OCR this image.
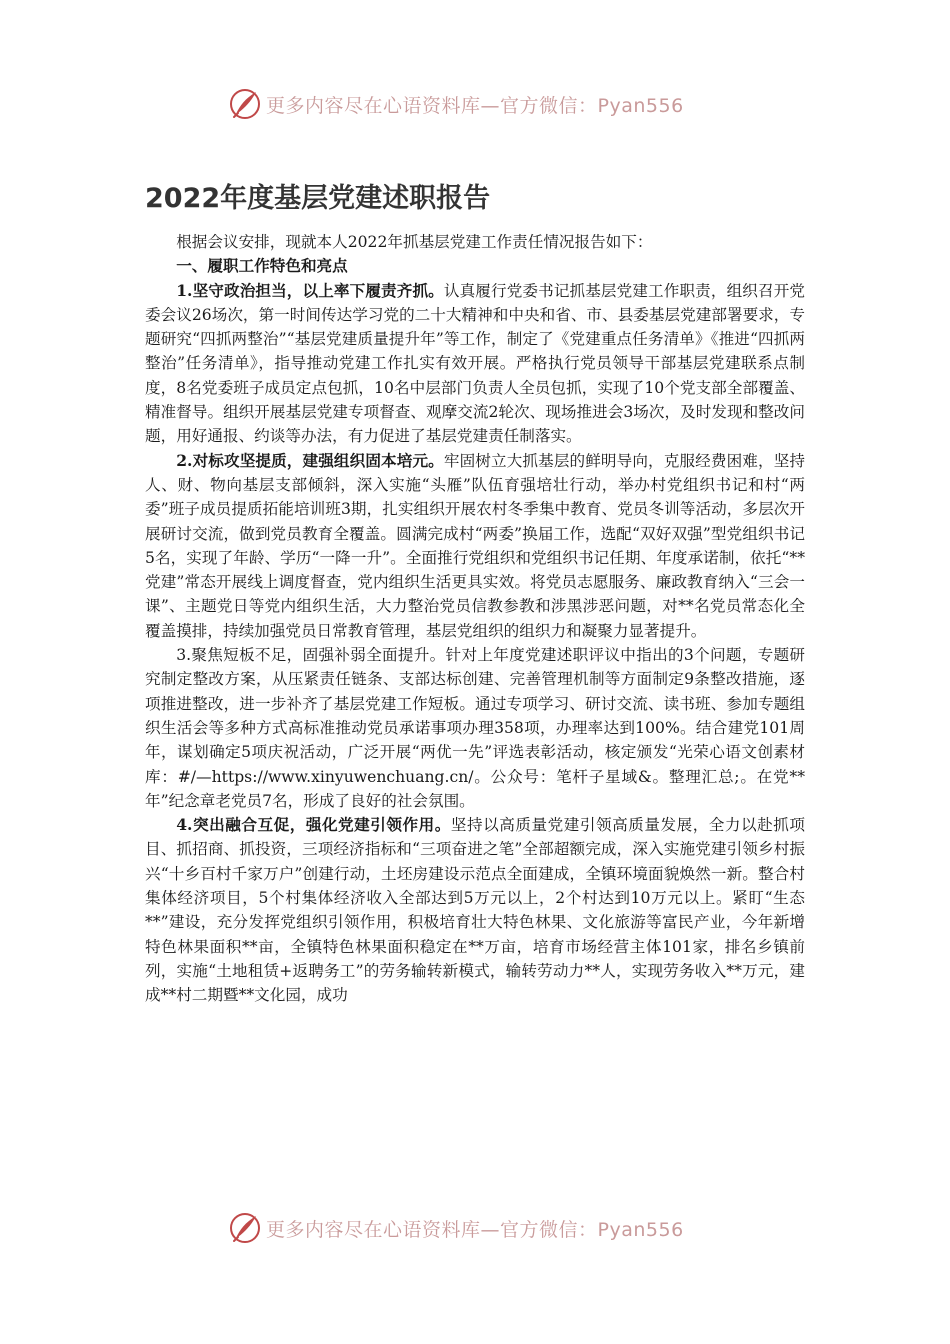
更多内容尽在心语资料库—官方微信：Pyan556
2022年度基层党建述职报告

根据会议安排，现就本人2022年抓基层党建工作责任情况报告如下：

一、履职工作特色和亮点

1.坚守政治担当，以上率下履责齐抓。认真履行党委书记抓基层党建工作职责，组织召开党委会议26场次，第一时间传达学习党的二十大精神和中央和省、市、县委基层党建部署要求，专题研究“四抓两整治”“基层党建质量提升年”等工作，制定了《党建重点任务清单》《推进“四抓两整治”任务清单》，指导推动党建工作扎实有效开展。严格执行党员领导干部基层党建联系点制度，8名党委班子成员定点包抓，10名中层部门负责人全员包抓，实现了10个党支部全部覆盖、精准督导。组织开展基层党建专项督查、观摩交流2轮次、现场推进会3场次，及时发现和整改问题，用好通报、约谈等办法，有力促进了基层党建责任制落实。

2.对标攻坚提质，建强组织固本培元。牢固树立大抓基层的鲜明导向，克服经费困难，坚持人、财、物向基层支部倾斜，深入实施“头雁”队伍育强培壮行动，举办村党组织书记和村“两委”班子成员提质拓能培训班3期，扎实组织开展农村冬季集中教育、党员冬训等活动，多层次开展研讨交流，做到党员教育全覆盖。圆满完成村“两委”换届工作，选配“双好双强”型党组织书记5名，实现了年龄、学历“一降一升”。全面推行党组织和党组织书记任期、年度承诺制，依托“**党建”常态开展线上调度督查，党内组织生活更具实效。将党员志愿服务、廉政教育纳入“三会一课”、主题党日等党内组织生活，大力整治党员信教参教和涉黑涉恶问题，对**名党员常态化全覆盖摸排，持续加强党员日常教育管理，基层党组织的组织力和凝聚力显著提升。

3.聚焦短板不足，固强补弱全面提升。针对上年度党建述职评议中指出的3个问题，专题研究制定整改方案，从压紧责任链条、支部达标创建、完善管理机制等方面制定9条整改措施，逐项推进整改，进一步补齐了基层党建工作短板。通过专项学习、研讨交流、读书班、参加专题组织生活会等多种方式高标准推动党员承诺事项办理358项，办理率达到100%。结合建党101周年，谋划确定5项庆祝活动，广泛开展“两优一先”评选表彰活动，核定颁发“光荣心语文创素材库：#/—https://www.xinyuwenchuang.cn/。公众号：笔杆子星域&。整理汇总;。在党**年”纪念章老党员7名，形成了良好的社会氛围。

4.突出融合互促，强化党建引领作用。坚持以高质量党建引领高质量发展，全力以赴抓项目、抓招商、抓投资，三项经济指标和“三项奋进之笔”全部超额完成，深入实施党建引领乡村振兴“十乡百村千家万户”创建行动，土坯房建设示范点全面建成，全镇环境面貌焕然一新。整合村集体经济项目，5个村集体经济收入全部达到5万元以上，2个村达到10万元以上。紧盯“生态**”建设，充分发挥党组织引领作用，积极培育壮大特色林果、文化旅游等富民产业，今年新增特色林果面积**亩，全镇特色林果面积稳定在**万亩，培育市场经营主体101家，排名乡镇前列，实施“土地租赁+返聘务工”的劳务输转新模式，输转劳动力**人，实现劳务收入**万元，建成**村二期暨**文化园，成功

更多内容尽在心语资料库—官方微信：Pyan556
